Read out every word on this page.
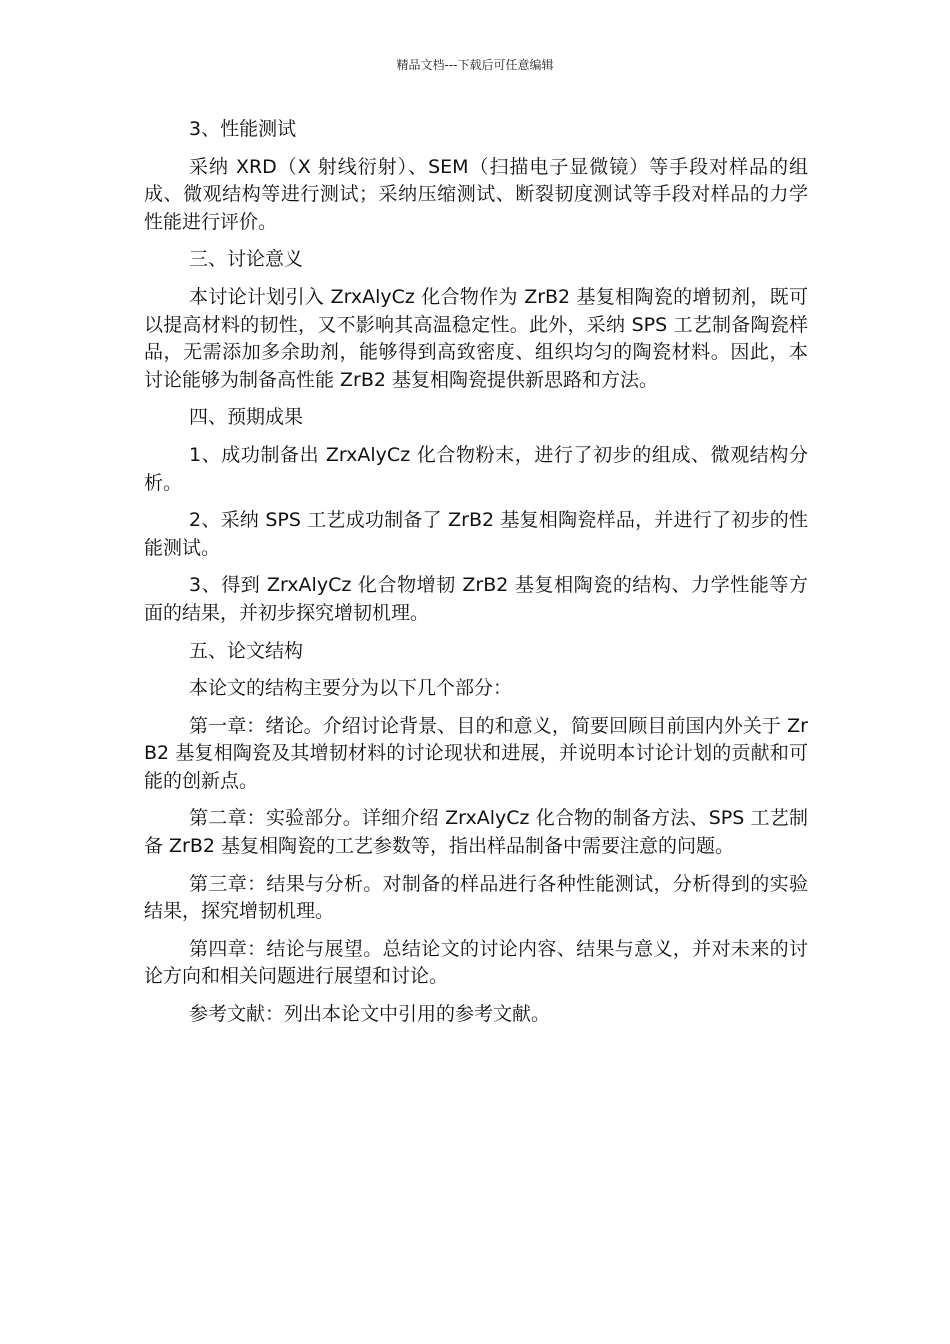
精品文档---下载后可任意编辑

3、性能测试

采纳 XRD（X 射线衍射）、SEM（扫描电子显微镜）等手段对样品的组成、微观结构等进行测试；采纳压缩测试、断裂韧度测试等手段对样品的力学性能进行评价。

三、讨论意义

本讨论计划引入 ZrxAlyCz 化合物作为 ZrB2 基复相陶瓷的增韧剂，既可以提高材料的韧性，又不影响其高温稳定性。此外，采纳 SPS 工艺制备陶瓷样品，无需添加多余助剂，能够得到高致密度、组织均匀的陶瓷材料。因此，本讨论能够为制备高性能 ZrB2 基复相陶瓷提供新思路和方法。

四、预期成果

1、成功制备出 ZrxAlyCz 化合物粉末，进行了初步的组成、微观结构分析。

2、采纳 SPS 工艺成功制备了 ZrB2 基复相陶瓷样品，并进行了初步的性能测试。

3、得到 ZrxAlyCz 化合物增韧 ZrB2 基复相陶瓷的结构、力学性能等方面的结果，并初步探究增韧机理。

五、论文结构

本论文的结构主要分为以下几个部分：

第一章：绪论。介绍讨论背景、目的和意义，简要回顾目前国内外关于 ZrB2 基复相陶瓷及其增韧材料的讨论现状和进展，并说明本讨论计划的贡献和可能的创新点。

第二章：实验部分。详细介绍 ZrxAlyCz 化合物的制备方法、SPS 工艺制备 ZrB2 基复相陶瓷的工艺参数等，指出样品制备中需要注意的问题。

第三章：结果与分析。对制备的样品进行各种性能测试，分析得到的实验结果，探究增韧机理。

第四章：结论与展望。总结论文的讨论内容、结果与意义，并对未来的讨论方向和相关问题进行展望和讨论。

参考文献：列出本论文中引用的参考文献。
